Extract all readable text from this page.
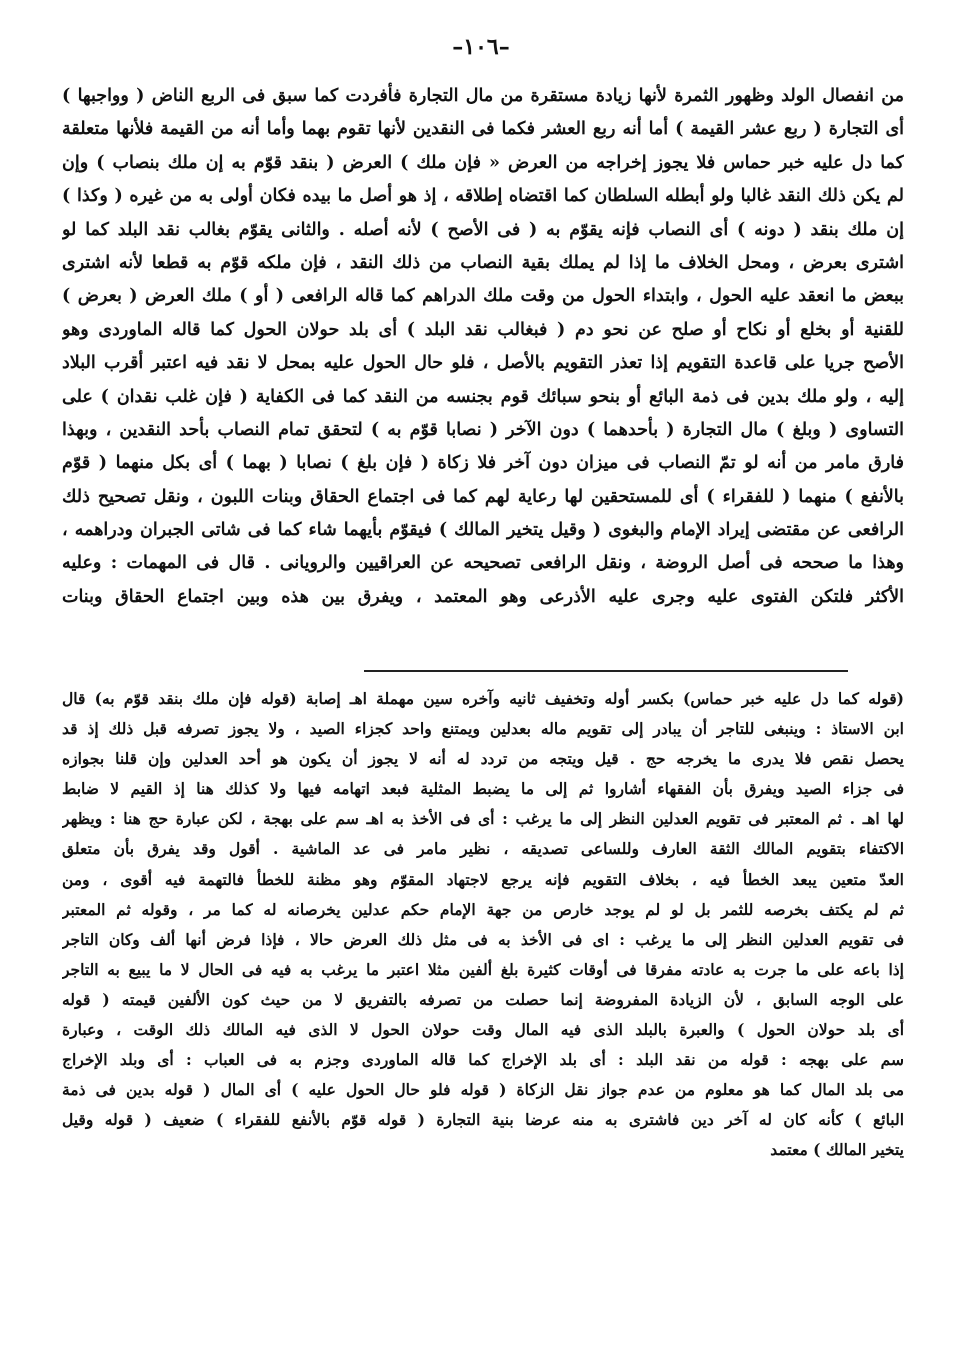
–١٠٦–
من انفصال الولد وظهور الثمرة لأنها زيادة مستقرة من مال التجارة فأفردت كما سبق فى الربع الناض ( وواجبها )
أى التجارة ( ربع عشر القيمة ) أما أنه ربع العشر فكما فى النقدين لأنها تقوم بهما وأما أنه من القيمة فلأنها متعلقة
كما دل عليه خبر حماس فلا يجوز إخراجه من العرض « فإن ملك ) العرض ( بنقد قوّم به إن ملك بنصاب ) وإن
لم يكن ذلك النقد غالبا ولو أبطله السلطان كما اقتضاه إطلاقه ، إذ هو أصل ما بيده فكان أولى به من غيره ( وكذا )
إن ملك بنقد ( دونه ) أى النصاب فإنه يقوّم به ( فى الأصح ) لأنه أصله . والثانى يقوّم بغالب نقد البلد كما لو
اشترى بعرض ، ومحل الخلاف ما إذا لم يملك بقية النصاب من ذلك النقد ، فإن ملكه قوّم به قطعا لأنه اشترى
ببعض ما انعقد عليه الحول ، وابتداء الحول من وقت ملك الدراهم كما قاله الرافعى ( أو ) ملك العرض ( بعرض )
للقنية أو بخلع أو نكاح أو صلح عن نحو دم ( فبغالب نقد البلد ) أى بلد حولان الحول كما قاله الماوردى وهو
الأصح جريا على قاعدة التقويم إذا تعذر التقويم بالأصل ، فلو حال الحول عليه بمحل لا نقد فيه اعتبر أقرب البلاد
إليه ، ولو ملك بدين فى ذمة البائع أو بنحو سبائك قوم بجنسه من النقد كما فى الكفاية ( فإن غلب نقدان ) على
التساوى ( وبلغ ) مال التجارة ( بأحدهما ) دون الآخر ( نصابا قوّم به ) لتحقق تمام النصاب بأحد النقدين ، وبهذا
فارق مامر من أنه لو تمّ النصاب فى ميزان دون آخر فلا زكاة ( فإن بلغ ) نصابا ( بهما ) أى بكل منهما ( قوّم
بالأنفع ) منهما ( للفقراء ) أى للمستحقين لها رعاية لهم كما فى اجتماع الحقاق وبنات اللبون ، ونقل تصحيح ذلك
الرافعى عن مقتضى إيراد الإمام والبغوى ( وقيل يتخير المالك ) فيقوّم بأيهما شاء كما فى شاتى الجبران ودراهمه ،
وهذا ما صححه فى أصل الروضة ، ونقل الرافعى تصحيحه عن العراقيين والرويانى . قال فى المهمات : وعليه
الأكثر فلتكن الفتوى عليه وجرى عليه الأذرعى وهو المعتمد ، ويفرق بين هذه وبين اجتماع الحقاق وبنات
(قوله كما دل عليه خبر حماس) بكسر أوله وتخفيف ثانيه وآخره سين مهملة اهـ إصابة (قوله فإن ملك بنقد قوّم به) قال
ابن الاستاذ : وينبغى للتاجر أن يبادر إلى تقويم ماله بعدلين ويمتنع واحد كجزاء الصيد ، ولا يجوز تصرفه قبل ذلك إذ قد
يحصل نقص فلا يدرى ما يخرجه حج . قيل ويتجه من تردد له أنه لا يجوز أن يكون هو أحد العدلين وإن قلنا بجوازه
فى جزاء الصيد ويفرق بأن الفقهاء أشاروا ثم إلى ما يضبط المثلية فبعد اتهامه فيها ولا كذلك هنا إذ القيم لا ضابط
لها اهـ . ثم المعتبر فى تقويم العدلين النظر إلى ما يرغب : أى فى الأخذ به اهـ سم على بهجة ، لكن عبارة حج هنا : ويظهر
الاكتفاء بتقويم المالك الثقة العارف وللساعى تصديقه ، نظير مامر فى عد الماشية . أقول وقد يفرق بأن متعلق
العدّ متعين يبعد الخطأ فيه ، بخلاف التقويم فإنه يرجع لاجتهاد المقوّم وهو مظنة للخطأ فالتهمة فيه أقوى ، ومن
ثم لم يكتف بخرصه للثمر بل لو لم يوجد خارص من جهة الإمام حكم عدلين يخرصانه له كما مر ، وقوله ثم المعتبر
فى تقويم العدلين النظر إلى ما يرغب : اى فى الأخذ به فى مثل ذلك العرض حالا ، فإذا فرض أنها ألف وكان التاجر
إذا باعه على ما جرت به عادته مفرقا فى أوقات كثيرة بلغ ألفين مثلا اعتبر ما يرغب به فيه فى الحال لا ما يبيع به التاجر
على الوجه السابق ، لأن الزيادة المفروضة إنما حصلت من تصرفه بالتفريق لا من حيث كون الألفين قيمته ( قوله
أى بلد حولان الحول ) والعبرة بالبلد الذى فيه المال وقت حولان الحول لا الذى فيه المالك ذلك الوقت ، وعبارة
سم على بهجه : قوله من نقد البلد : أى بلد الإخراج كما قاله الماوردى وجزم به فى العباب : أى وبلد الإخراج
مى بلد المال كما هو معلوم من عدم جواز نقل الزكاة ( قوله فلو حال الحول عليه ) أى المال ( قوله بدين فى ذمة
البائع ) كأنه كان له آخر دين فاشترى به منه عرضا بنية التجارة ( قوله قوّم بالأنفع للفقراء ) ضعيف ( قوله وقيل
يتخير المالك ) معتمد
